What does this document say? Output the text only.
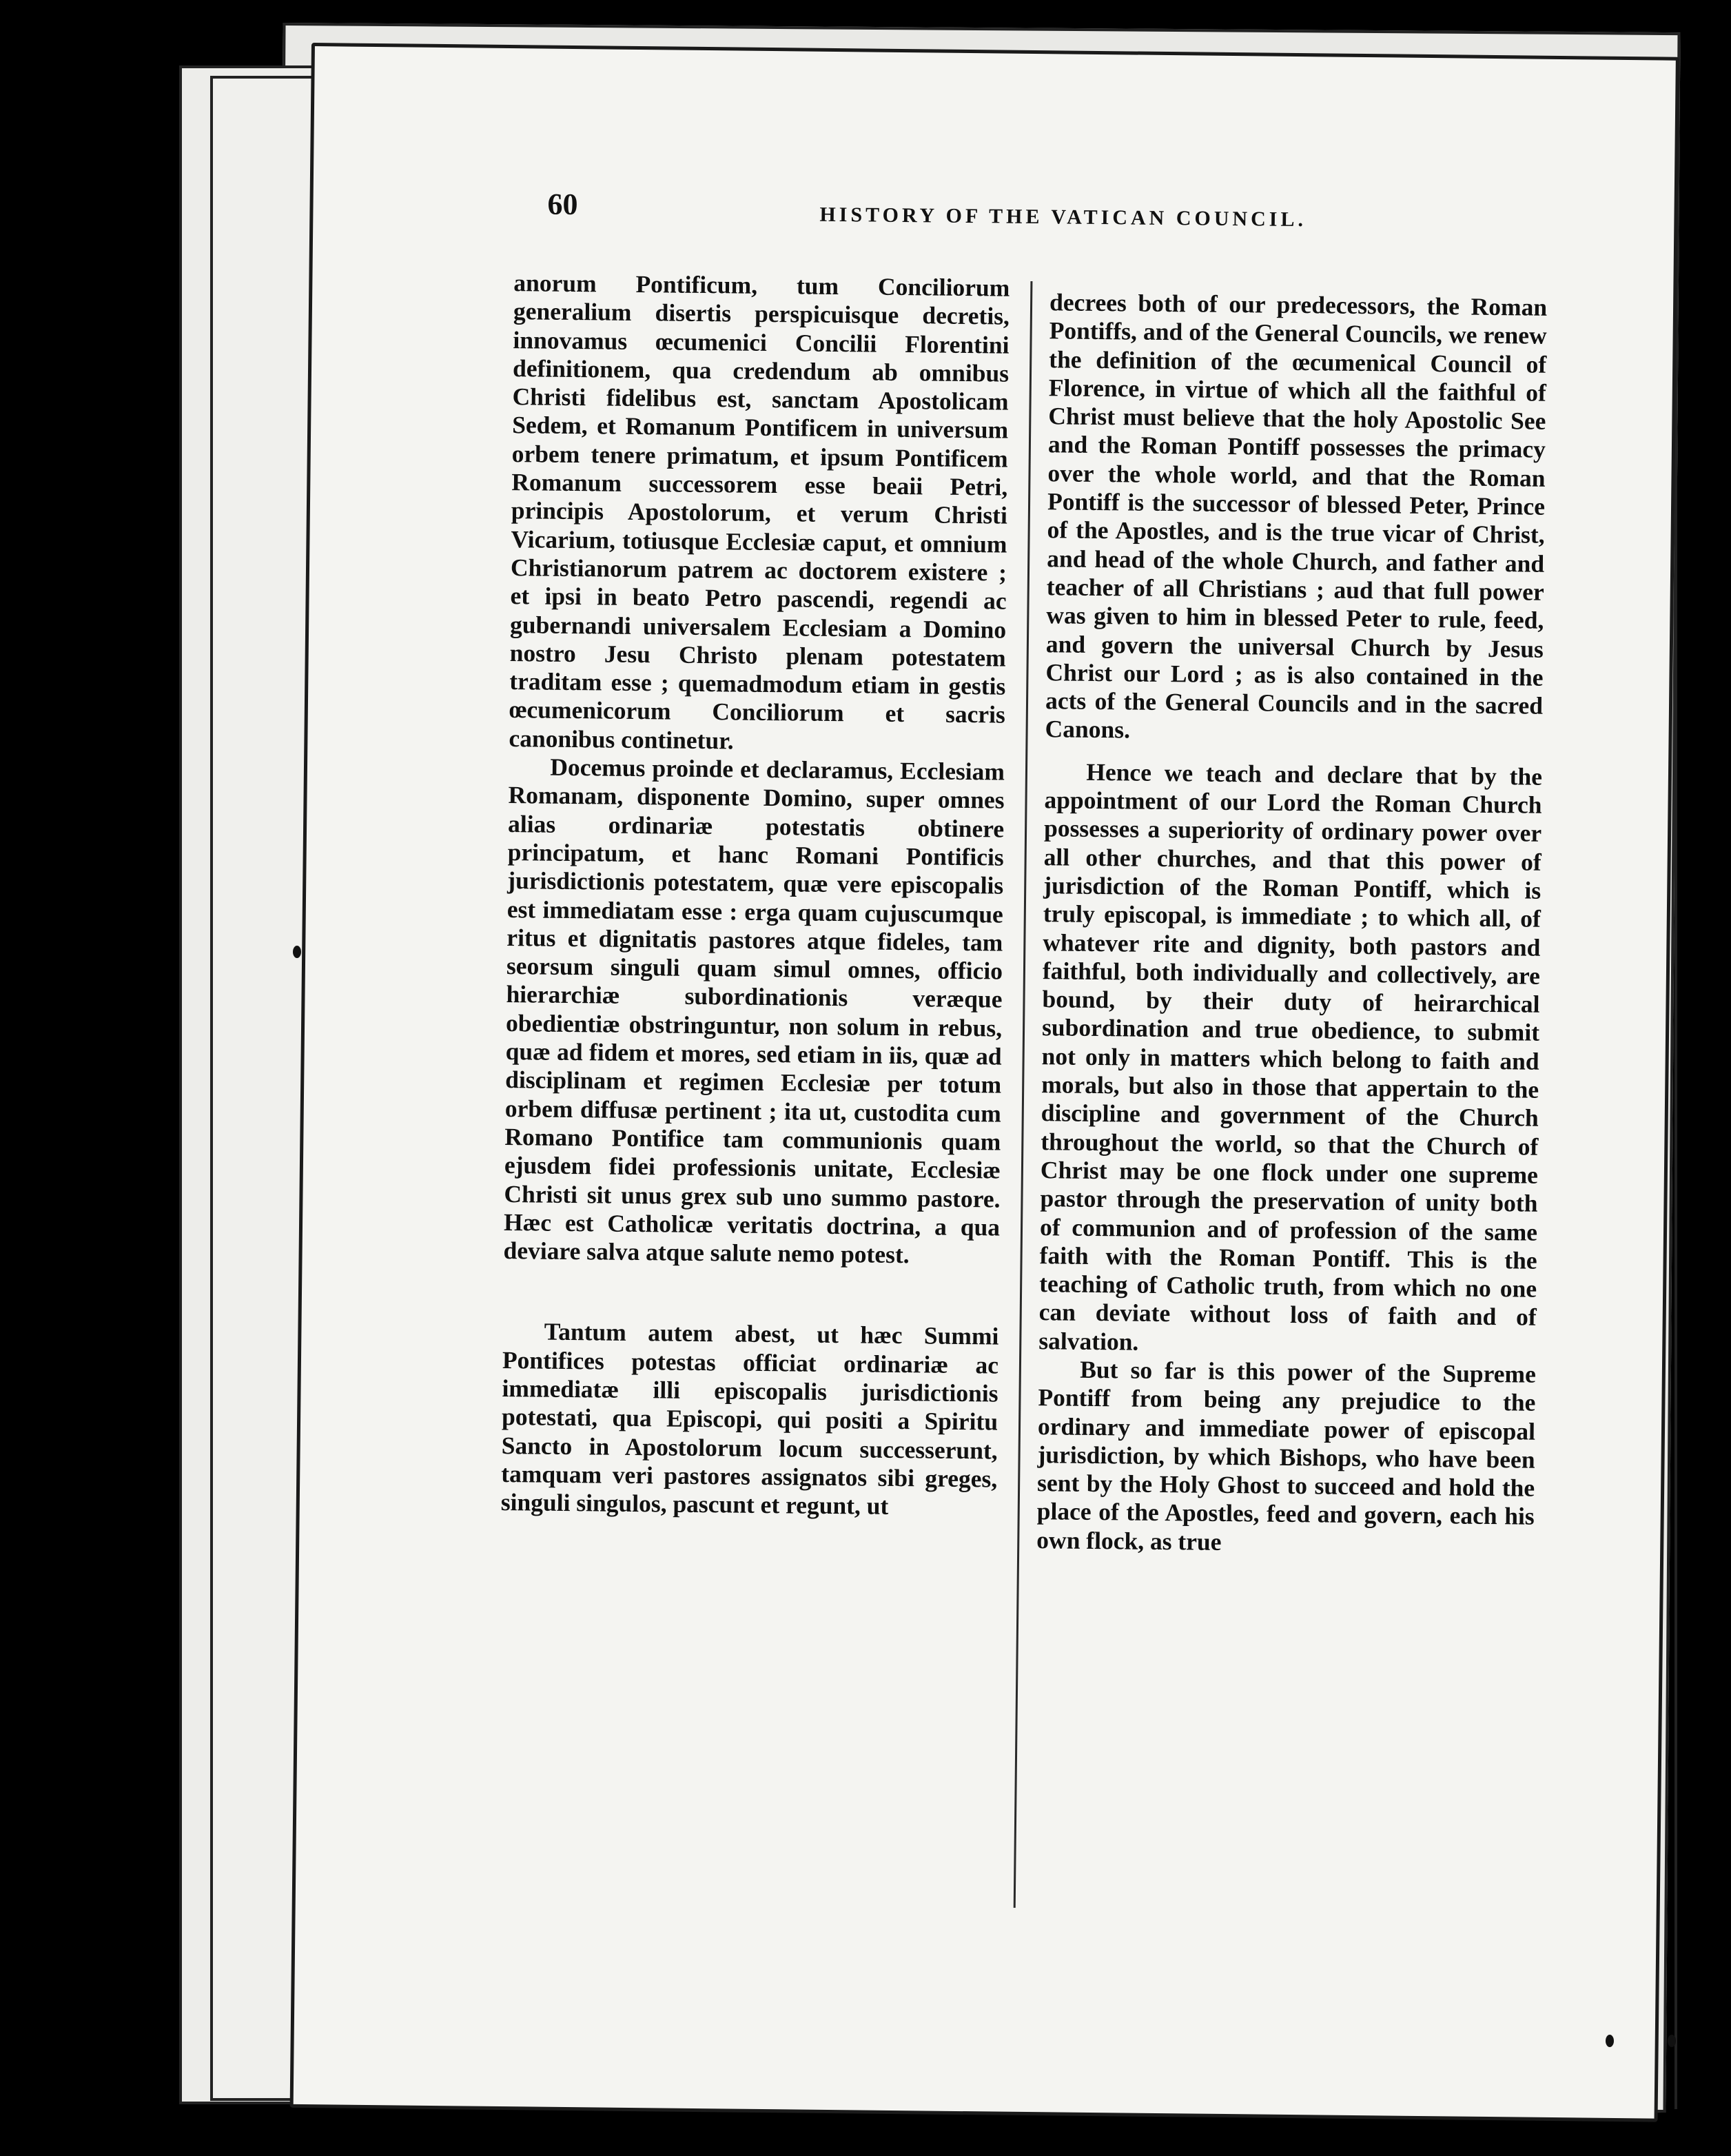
60	HISTORY OF THE VATICAN COUNCIL.

anorum Pontificum, tum Conciliorum generalium disertis perspicuisque decretis, innovamus œcumenici Concilii Florentini definitionem, qua credendum ab omnibus Christi fidelibus est, sanctam Apostolicam Sedem, et Romanum Pontificem in universum orbem tenere primatum, et ipsum Pontificem Romanum successorem esse beaii Petri, principis Apostolorum, et verum Christi Vicarium, totiusque Ecclesiæ caput, et omnium Christianorum patrem ac doctorem existere ; et ipsi in beato Petro pascendi, regendi ac gubernandi universalem Ecclesiam a Domino nostro Jesu Christo plenam potestatem traditam esse ; quemadmodum etiam in gestis œcumenicorum Conciliorum et sacris canonibus continetur.

Docemus proinde et declaramus, Ecclesiam Romanam, disponente Domino, super omnes alias ordinariæ potestatis obtinere principatum, et hanc Romani Pontificis jurisdictionis potestatem, quæ vere episcopalis est immediatam esse : erga quam cujuscumque ritus et dignitatis pastores atque fideles, tam seorsum singuli quam simul omnes, officio hierarchiæ subordinationis veræque obedientiæ obstringuntur, non solum in rebus, quæ ad fidem et mores, sed etiam in iis, quæ ad disciplinam et regimen Ecclesiæ per totum orbem diffusæ pertinent ; ita ut, custodita cum Romano Pontifice tam communionis quam ejusdem fidei professionis unitate, Ecclesiæ Christi sit unus grex sub uno summo pastore. Hæc est Catholicæ veritatis doctrina, a qua deviare salva atque salute nemo potest.

Tantum autem abest, ut hæc Summi Pontifices potestas officiat ordinariæ ac immediatæ illi episcopalis jurisdictionis potestati, qua Episcopi, qui positi a Spiritu Sancto in Apostolorum locum successerunt, tamquam veri pastores assignatos sibi greges, singuli singulos, pascunt et regunt, ut

decrees both of our predecessors, the Roman Pontiffs, and of the General Councils, we renew the definition of the œcumenical Council of Florence, in virtue of which all the faithful of Christ must believe that the holy Apostolic See and the Roman Pontiff possesses the primacy over the whole world, and that the Roman Pontiff is the successor of blessed Peter, Prince of the Apostles, and is the true vicar of Christ, and head of the whole Church, and father and teacher of all Christians ; aud that full power was given to him in blessed Peter to rule, feed, and govern the universal Church by Jesus Christ our Lord ; as is also contained in the acts of the General Councils and in the sacred Canons.

Hence we teach and declare that by the appointment of our Lord the Roman Church possesses a superiority of ordinary power over all other churches, and that this power of jurisdiction of the Roman Pontiff, which is truly episcopal, is immediate ; to which all, of whatever rite and dignity, both pastors and faithful, both individually and collectively, are bound, by their duty of heirarchical subordination and true obedience, to submit not only in matters which belong to faith and morals, but also in those that appertain to the discipline and government of the Church throughout the world, so that the Church of Christ may be one flock under one supreme pastor through the preservation of unity both of communion and of profession of the same faith with the Roman Pontiff. This is the teaching of Catholic truth, from which no one can deviate without loss of faith and of salvation.

But so far is this power of the Supreme Pontiff from being any prejudice to the ordinary and immediate power of episcopal jurisdiction, by which Bishops, who have been sent by the Holy Ghost to succeed and hold the place of the Apostles, feed and govern, each his own flock, as true
